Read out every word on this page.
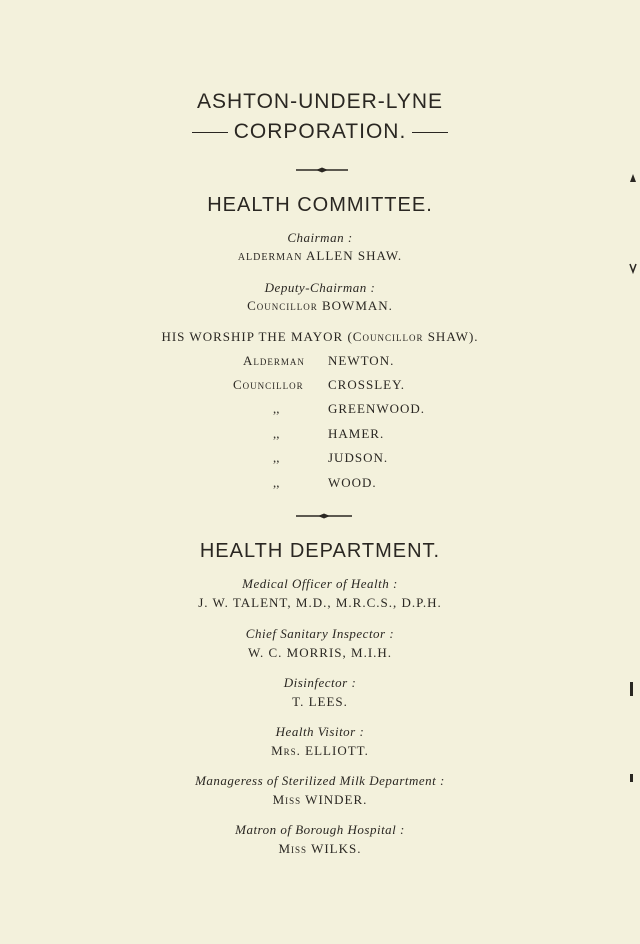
ASHTON-UNDER-LYNE
CORPORATION.
HEALTH COMMITTEE.
Chairman :
ALDERMAN ALLEN SHAW.
Deputy-Chairman :
Councillor BOWMAN.
HIS WORSHIP THE MAYOR (Councillor SHAW).
Alderman NEWTON.
Councillor CROSSLEY.
,,	GREENWOOD.
,,	HAMER.
,,	JUDSON.
,,	WOOD.
HEALTH DEPARTMENT.
Medical Officer of Health :
J. W. TALENT, M.D., M.R.C.S., D.P.H.
Chief Sanitary Inspector :
W. C. MORRIS, M.I.H.
Disinfector :
T. LEES.
Health Visitor :
Mrs. ELLIOTT.
Manageress of Sterilized Milk Department :
Miss WINDER.
Matron of Borough Hospital :
Miss WILKS.
